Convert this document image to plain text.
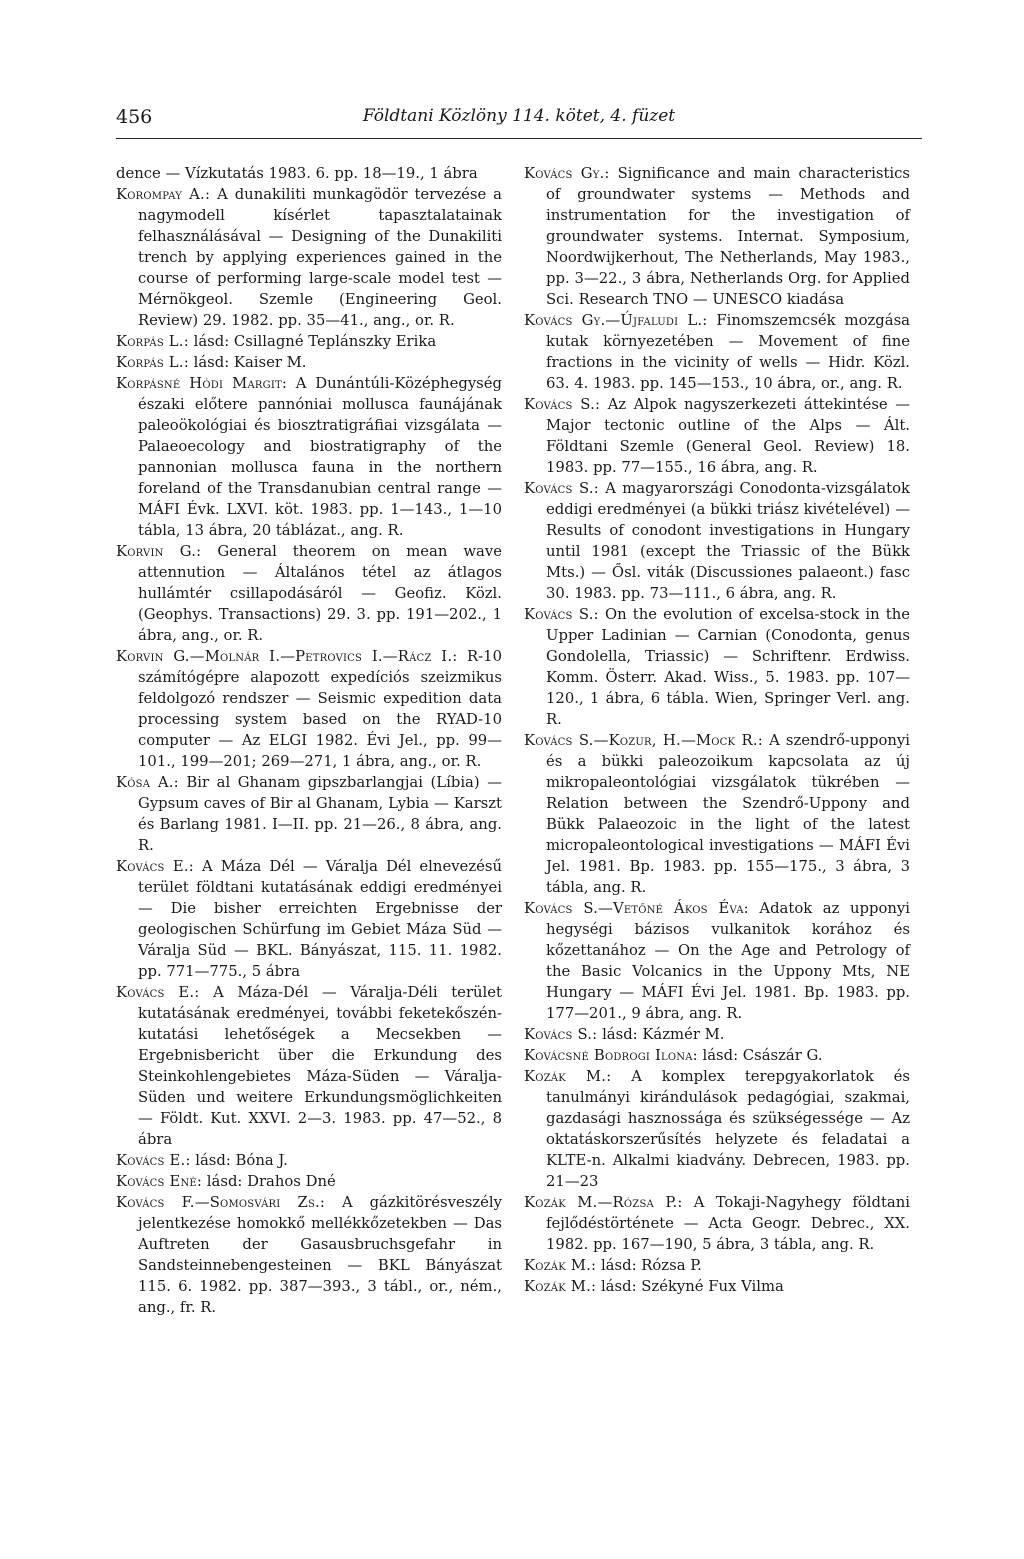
456	Földtani Közlöny 114. kötet, 4. füzet

dence — Vízkutatás 1983. 6. pp. 18—19., 1 ábra

Korompay A.: A dunakiliti munkagödör tervezése a nagymodell kísérlet tapasztalatainak felhasználásával — Designing of the Dunakiliti trench by applying experiences gained in the course of performing large-scale model test — Mérnökgeol. Szemle (Engineering Geol. Review) 29. 1982. pp. 35—41., ang., or. R.

Korpás L.: lásd: Csillagné Teplánszky Erika

Korpás L.: lásd: Kaiser M.

Korpásné Hódi Margit: A Dunántúli-Középhegység északi előtere pannóniai mollusca faunájának paleoökológiai és biosztratigráfiai vizsgálata — Palaeoecology and biostratigraphy of the pannonian mollusca fauna in the northern foreland of the Transdanubian central range — MÁFI Évk. LXVI. köt. 1983. pp. 1—143., 1—10 tábla, 13 ábra, 20 táblázat., ang. R.

Korvin G.: General theorem on mean wave attennution — Általános tétel az átlagos hullámtér csillapodásáról — Geofiz. Közl. (Geophys. Transactions) 29. 3. pp. 191—202., 1 ábra, ang., or. R.

Korvin G.—Molnár I.—Petrovics I.—Rácz I.: R-10 számítógépre alapozott expedíciós szeizmikus feldolgozó rendszer — Seismic expedition data processing system based on the RYAD-10 computer — Az ELGI 1982. Évi Jel., pp. 99—101., 199—201; 269—271, 1 ábra, ang., or. R.

Kósa A.: Bir al Ghanam gipszbarlangjai (Líbia) — Gypsum caves of Bir al Ghanam, Lybia — Karszt és Barlang 1981. I—II. pp. 21—26., 8 ábra, ang. R.

Kovács E.: A Máza Dél — Váralja Dél elnevezésű terület földtani kutatásának eddigi eredményei — Die bisher erreichten Ergebnisse der geologischen Schürfung im Gebiet Máza Süd — Váralja Süd — BKL. Bányászat, 115. 11. 1982. pp. 771—775., 5 ábra

Kovács E.: A Máza-Dél — Váralja-Déli terület kutatásának eredményei, további feketekőszén-kutatási lehetőségek a Mecsekben — Ergebnisbericht über die Erkundung des Steinkohlengebietes Máza-Süden — Váralja-Süden und weitere Erkundungsmöglichkeiten — Földt. Kut. XXVI. 2—3. 1983. pp. 47—52., 8 ábra

Kovács E.: lásd: Bóna J.

Kovács Ené: lásd: Drahos Dné

Kovács F.—Somosvári Zs.: A gázkitörésveszély jelentkezése homokkő mellékkőzetekben — Das Auftreten der Gasausbruchsgefahr in Sandsteinnebengesteinen — BKL Bányászat 115. 6. 1982. pp. 387—393., 3 tábl., or., ném., ang., fr. R.

Kovács Gy.: Significance and main characteristics of groundwater systems — Methods and instrumentation for the investigation of groundwater systems. Internat. Symposium, Noordwijkerhout, The Netherlands, May 1983., pp. 3—22., 3 ábra, Netherlands Org. for Applied Sci. Research TNO — UNESCO kiadása

Kovács Gy.—Újfaludi L.: Finomszemcsék mozgása kutak környezetében — Movement of fine fractions in the vicinity of wells — Hidr. Közl. 63. 4. 1983. pp. 145—153., 10 ábra, or., ang. R.

Kovács S.: Az Alpok nagyszerkezeti áttekintése — Major tectonic outline of the Alps — Ált. Földtani Szemle (General Geol. Review) 18. 1983. pp. 77—155., 16 ábra, ang. R.

Kovács S.: A magyarországi Conodonta-vizsgálatok eddigi eredményei (a bükki triász kivételével) — Results of conodont investigations in Hungary until 1981 (except the Triassic of the Bükk Mts.) — Ősl. viták (Discussiones palaeont.) fasc 30. 1983. pp. 73—111., 6 ábra, ang. R.

Kovács S.: On the evolution of excelsa-stock in the Upper Ladinian — Carnian (Conodonta, genus Gondolella, Triassic) — Schriftenr. Erdwiss. Komm. Österr. Akad. Wiss., 5. 1983. pp. 107—120., 1 ábra, 6 tábla. Wien, Springer Verl. ang. R.

Kovács S.—Kozur, H.—Mock R.: A szendrő-upponyi és a bükki paleozoikum kapcsolata az új mikropaleontológiai vizsgálatok tükrében — Relation between the Szendrő-Uppony and Bükk Palaeozoic in the light of the latest micropaleontological investigations — MÁFI Évi Jel. 1981. Bp. 1983. pp. 155—175., 3 ábra, 3 tábla, ang. R.

Kovács S.—Vetőné Ákos Éva: Adatok az upponyi hegységi bázisos vulkanitok korához és kőzettanához — On the Age and Petrology of the Basic Volcanics in the Uppony Mts, NE Hungary — MÁFI Évi Jel. 1981. Bp. 1983. pp. 177—201., 9 ábra, ang. R.

Kovács S.: lásd: Kázmér M.

Kovácsné Bodrogi Ilona: lásd: Császár G.

Kozák M.: A komplex terepgyakorlatok és tanulmányi kirándulások pedagógiai, szakmai, gazdasági hasznossága és szükségessége — Az oktatáskorszerűsítés helyzete és feladatai a KLTE-n. Alkalmi kiadvány. Debrecen, 1983. pp. 21—23

Kozák M.—Rózsa P.: A Tokaji-Nagyhegy földtani fejlődéstörténete — Acta Geogr. Debrec., XX. 1982. pp. 167—190, 5 ábra, 3 tábla, ang. R.

Kozák M.: lásd: Rózsa P.

Kozák M.: lásd: Székyné Fux Vilma
